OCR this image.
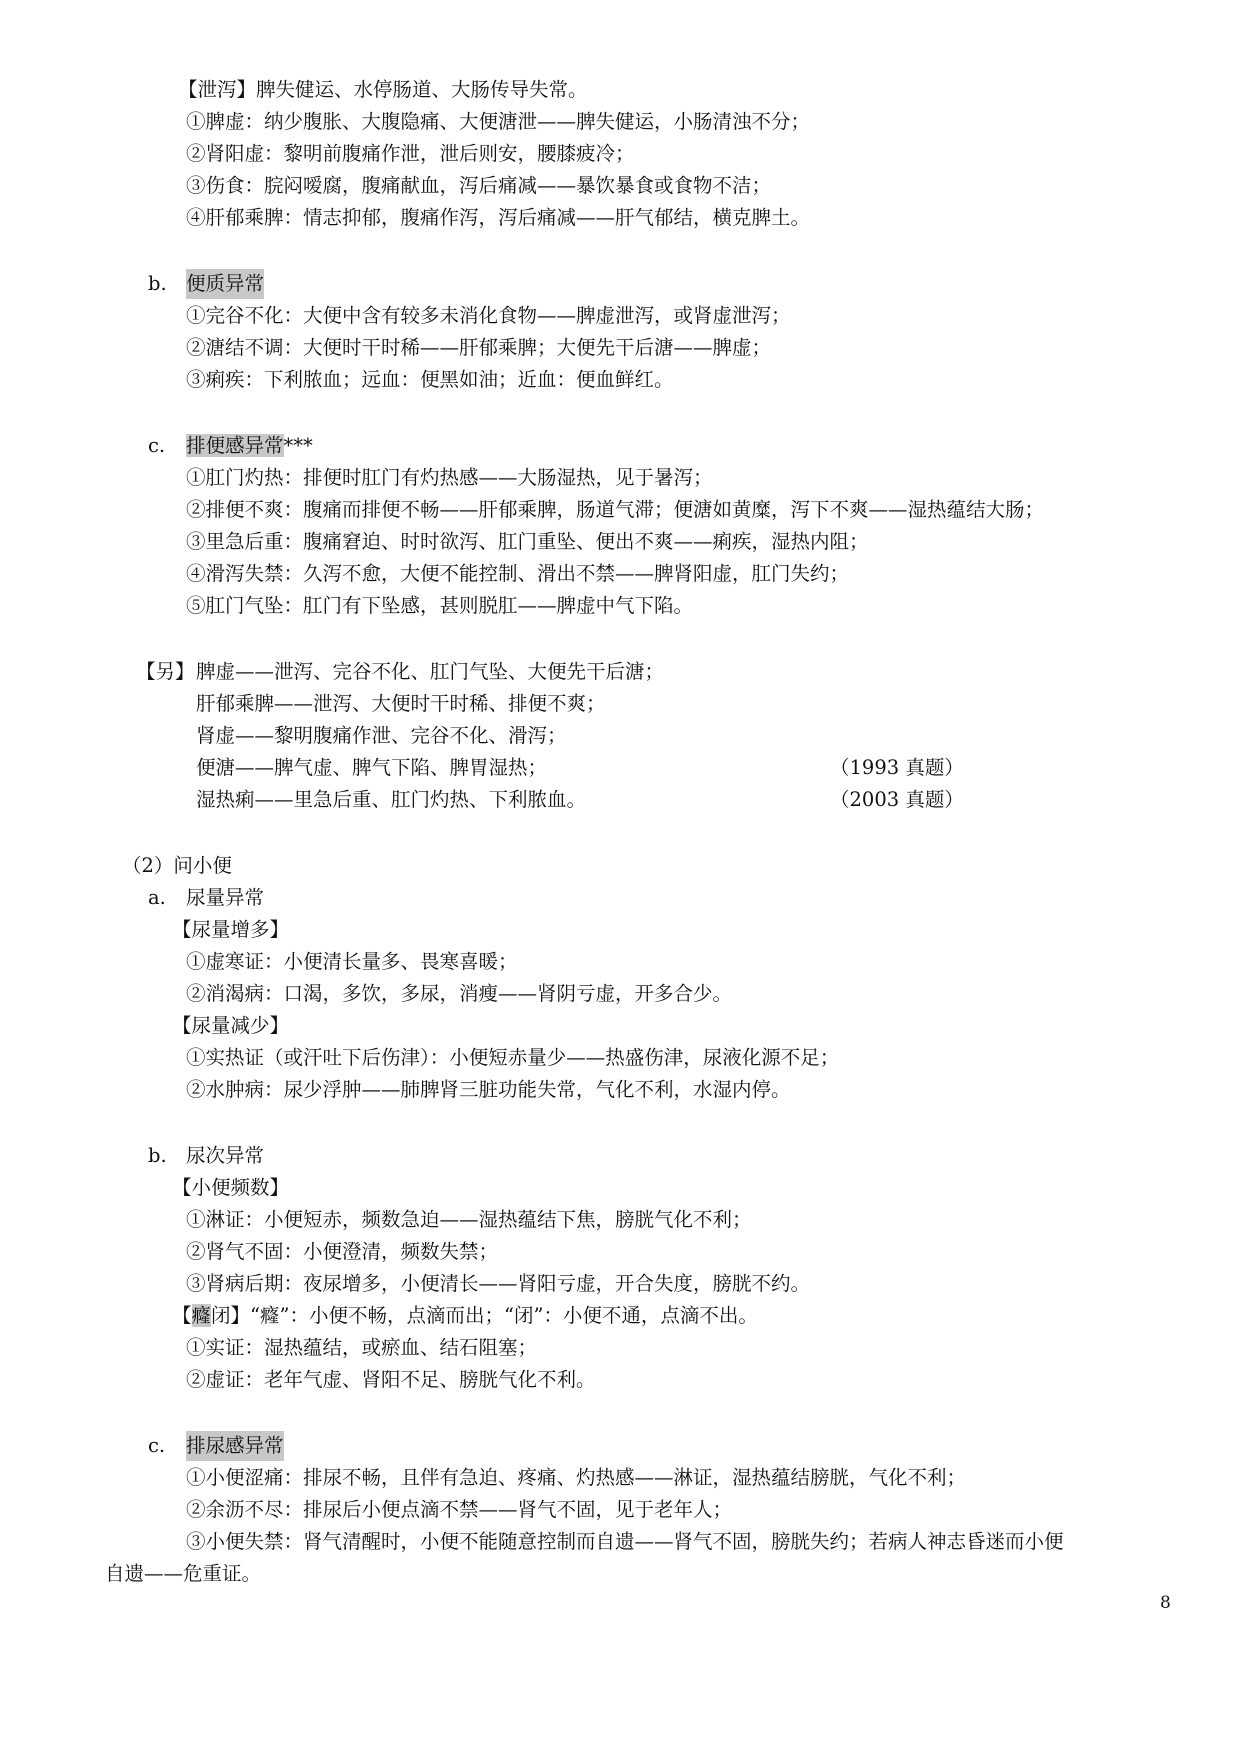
【泄泻】脾失健运、水停肠道、大肠传导失常。
①脾虚：纳少腹胀、大腹隐痛、大便溏泄——脾失健运，小肠清浊不分；
②肾阳虚：黎明前腹痛作泄，泄后则安，腰膝疲冷；
③伤食：脘闷嗳腐，腹痛献血，泻后痛减——暴饮暴食或食物不洁；
④肝郁乘脾：情志抑郁，腹痛作泻，泻后痛减——肝气郁结，横克脾土。
b. 便质异常
①完谷不化：大便中含有较多未消化食物——脾虚泄泻，或肾虚泄泻；
②溏结不调：大便时干时稀——肝郁乘脾；大便先干后溏——脾虚；
③痢疾：下利脓血；远血：便黑如油；近血：便血鲜红。
c. 排便感异常***
①肛门灼热：排便时肛门有灼热感——大肠湿热，见于暑泻；
②排便不爽：腹痛而排便不畅——肝郁乘脾，肠道气滞；便溏如黄糜，泻下不爽——湿热蕴结大肠；
③里急后重：腹痛窘迫、时时欲泻、肛门重坠、便出不爽——痢疾，湿热内阻；
④滑泻失禁：久泻不愈，大便不能控制、滑出不禁——脾肾阳虚，肛门失约；
⑤肛门气坠：肛门有下坠感，甚则脱肛——脾虚中气下陷。
【另】 脾虚——泄泻、完谷不化、肛门气坠、大便先干后溏；
肝郁乘脾——泄泻、大便时干时稀、排便不爽；
肾虚——黎明腹痛作泄、完谷不化、滑泻；
便溏——脾气虚、脾气下陷、脾胃湿热；	（1993 真题）
湿热痢——里急后重、肛门灼热、下利脓血。	（2003 真题）
（2）问小便
a. 尿量异常
【尿量增多】
①虚寒证：小便清长量多、畏寒喜暖；
②消渴病：口渴，多饮，多尿，消瘦——肾阴亏虚，开多合少。
【尿量减少】
①实热证（或汗吐下后伤津）：小便短赤量少——热盛伤津，尿液化源不足；
②水肿病：尿少浮肿——肺脾肾三脏功能失常，气化不利，水湿内停。
b. 尿次异常
【小便频数】
①淋证：小便短赤，频数急迫——湿热蕴结下焦，膀胱气化不利；
②肾气不固：小便澄清，频数失禁；
③肾病后期：夜尿增多，小便清长——肾阳亏虚，开合失度，膀胱不约。
【癃闭】“癃”：小便不畅，点滴而出；“闭”：小便不通，点滴不出。
①实证：湿热蕴结，或瘀血、结石阻塞；
②虚证：老年气虚、肾阳不足、膀胱气化不利。
c. 排尿感异常
①小便涩痛：排尿不畅，且伴有急迫、疼痛、灼热感——淋证，湿热蕴结膀胱，气化不利；
②余沥不尽：排尿后小便点滴不禁——肾气不固，见于老年人；
③小便失禁：肾气清醒时，小便不能随意控制而自遗——肾气不固，膀胱失约；若病人神志昏迷而小便
自遗——危重证。
8
